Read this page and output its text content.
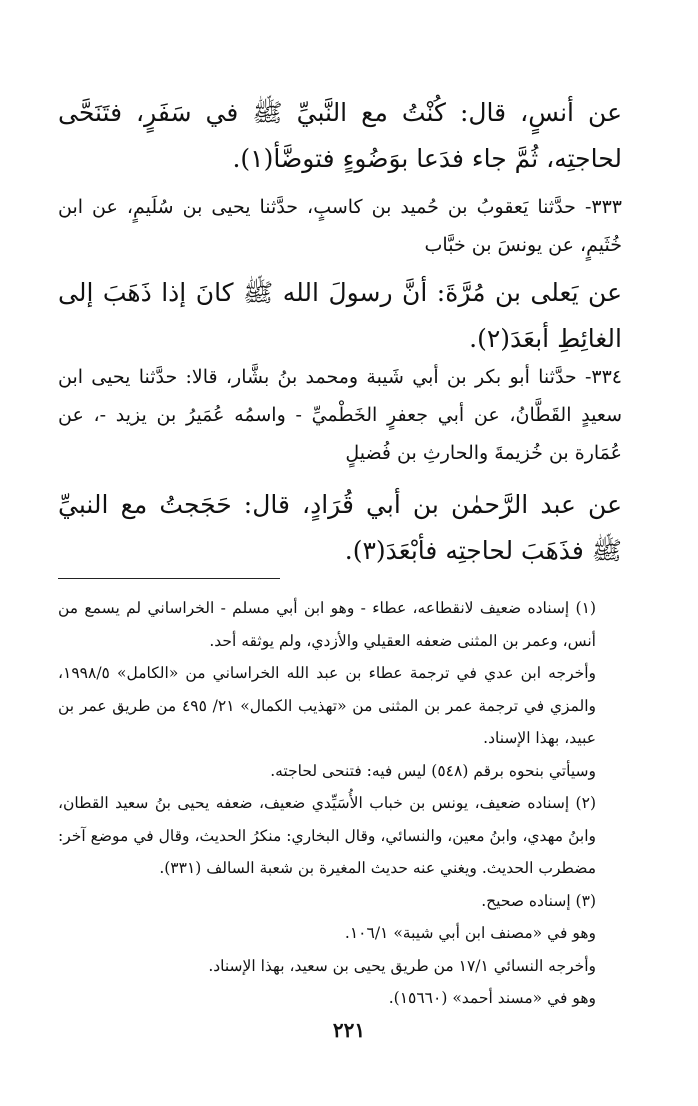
عن أنسٍ، قال: كُنْتُ مع النَّبيِّ ﷺ في سَفَرٍ، فتَنَحَّى لحاجتِه، ثُمَّ جاء فدَعا بوَضُوءٍ فتوضَّأ(١).

٣٣٣- حدَّثنا يَعقوبُ بن حُميد بن كاسبٍ، حدَّثنا يحيى بن سُلَيمٍ، عن ابن خُثَيمٍ، عن يونسَ بن خبَّاب

عن يَعلى بن مُرَّةَ: أنَّ رسولَ الله ﷺ كانَ إذا ذَهَبَ إلى الغائِطِ أبعَدَ(٢).

٣٣٤- حدَّثنا أبو بكر بن أبي شَيبة ومحمد بنُ بشَّار، قالا: حدَّثنا يحيى ابن سعيدٍ القَطَّانُ، عن أبي جعفرٍ الخَطْميِّ - واسمُه عُمَيرُ بن يزيد -، عن عُمَارة بن خُزيمةَ والحارثِ بن فُضيلٍ

عن عبد الرَّحمٰن بن أبي قُرَادٍ، قال: حَجَجتُ مع النبيِّ ﷺ فذَهَبَ لحاجتِه فأبْعَدَ(٣).

(١) إسناده ضعيف لانقطاعه، عطاء - وهو ابن أبي مسلم - الخراساني لم يسمع من أنس، وعمر بن المثنى ضعفه العقيلي والأزدي، ولم يوثقه أحد.

وأخرجه ابن عدي في ترجمة عطاء بن عبد الله الخراساني من «الكامل» ١٩٩٨/٥، والمزي في ترجمة عمر بن المثنى من «تهذيب الكمال» ٢١/ ٤٩٥ من طريق عمر بن عبيد، بهذا الإسناد.

وسيأتي بنحوه برقم (٥٤٨) ليس فيه: فتنحى لحاجته.

(٢) إسناده ضعيف، يونس بن خباب الأُسَيِّدي ضعيف، ضعفه يحيى بنُ سعيد القطان، وابنُ مهدي، وابنُ معين، والنسائي، وقال البخاري: منكرُ الحديث، وقال في موضع آخر: مضطرب الحديث. ويغني عنه حديث المغيرة بن شعبة السالف (٣٣١).

(٣) إسناده صحيح.

وهو في «مصنف ابن أبي شيبة» ١٠٦/١.

وأخرجه النسائي ١٧/١ من طريق يحيى بن سعيد، بهذا الإسناد.

وهو في «مسند أحمد» (١٥٦٦٠).

٢٢١
